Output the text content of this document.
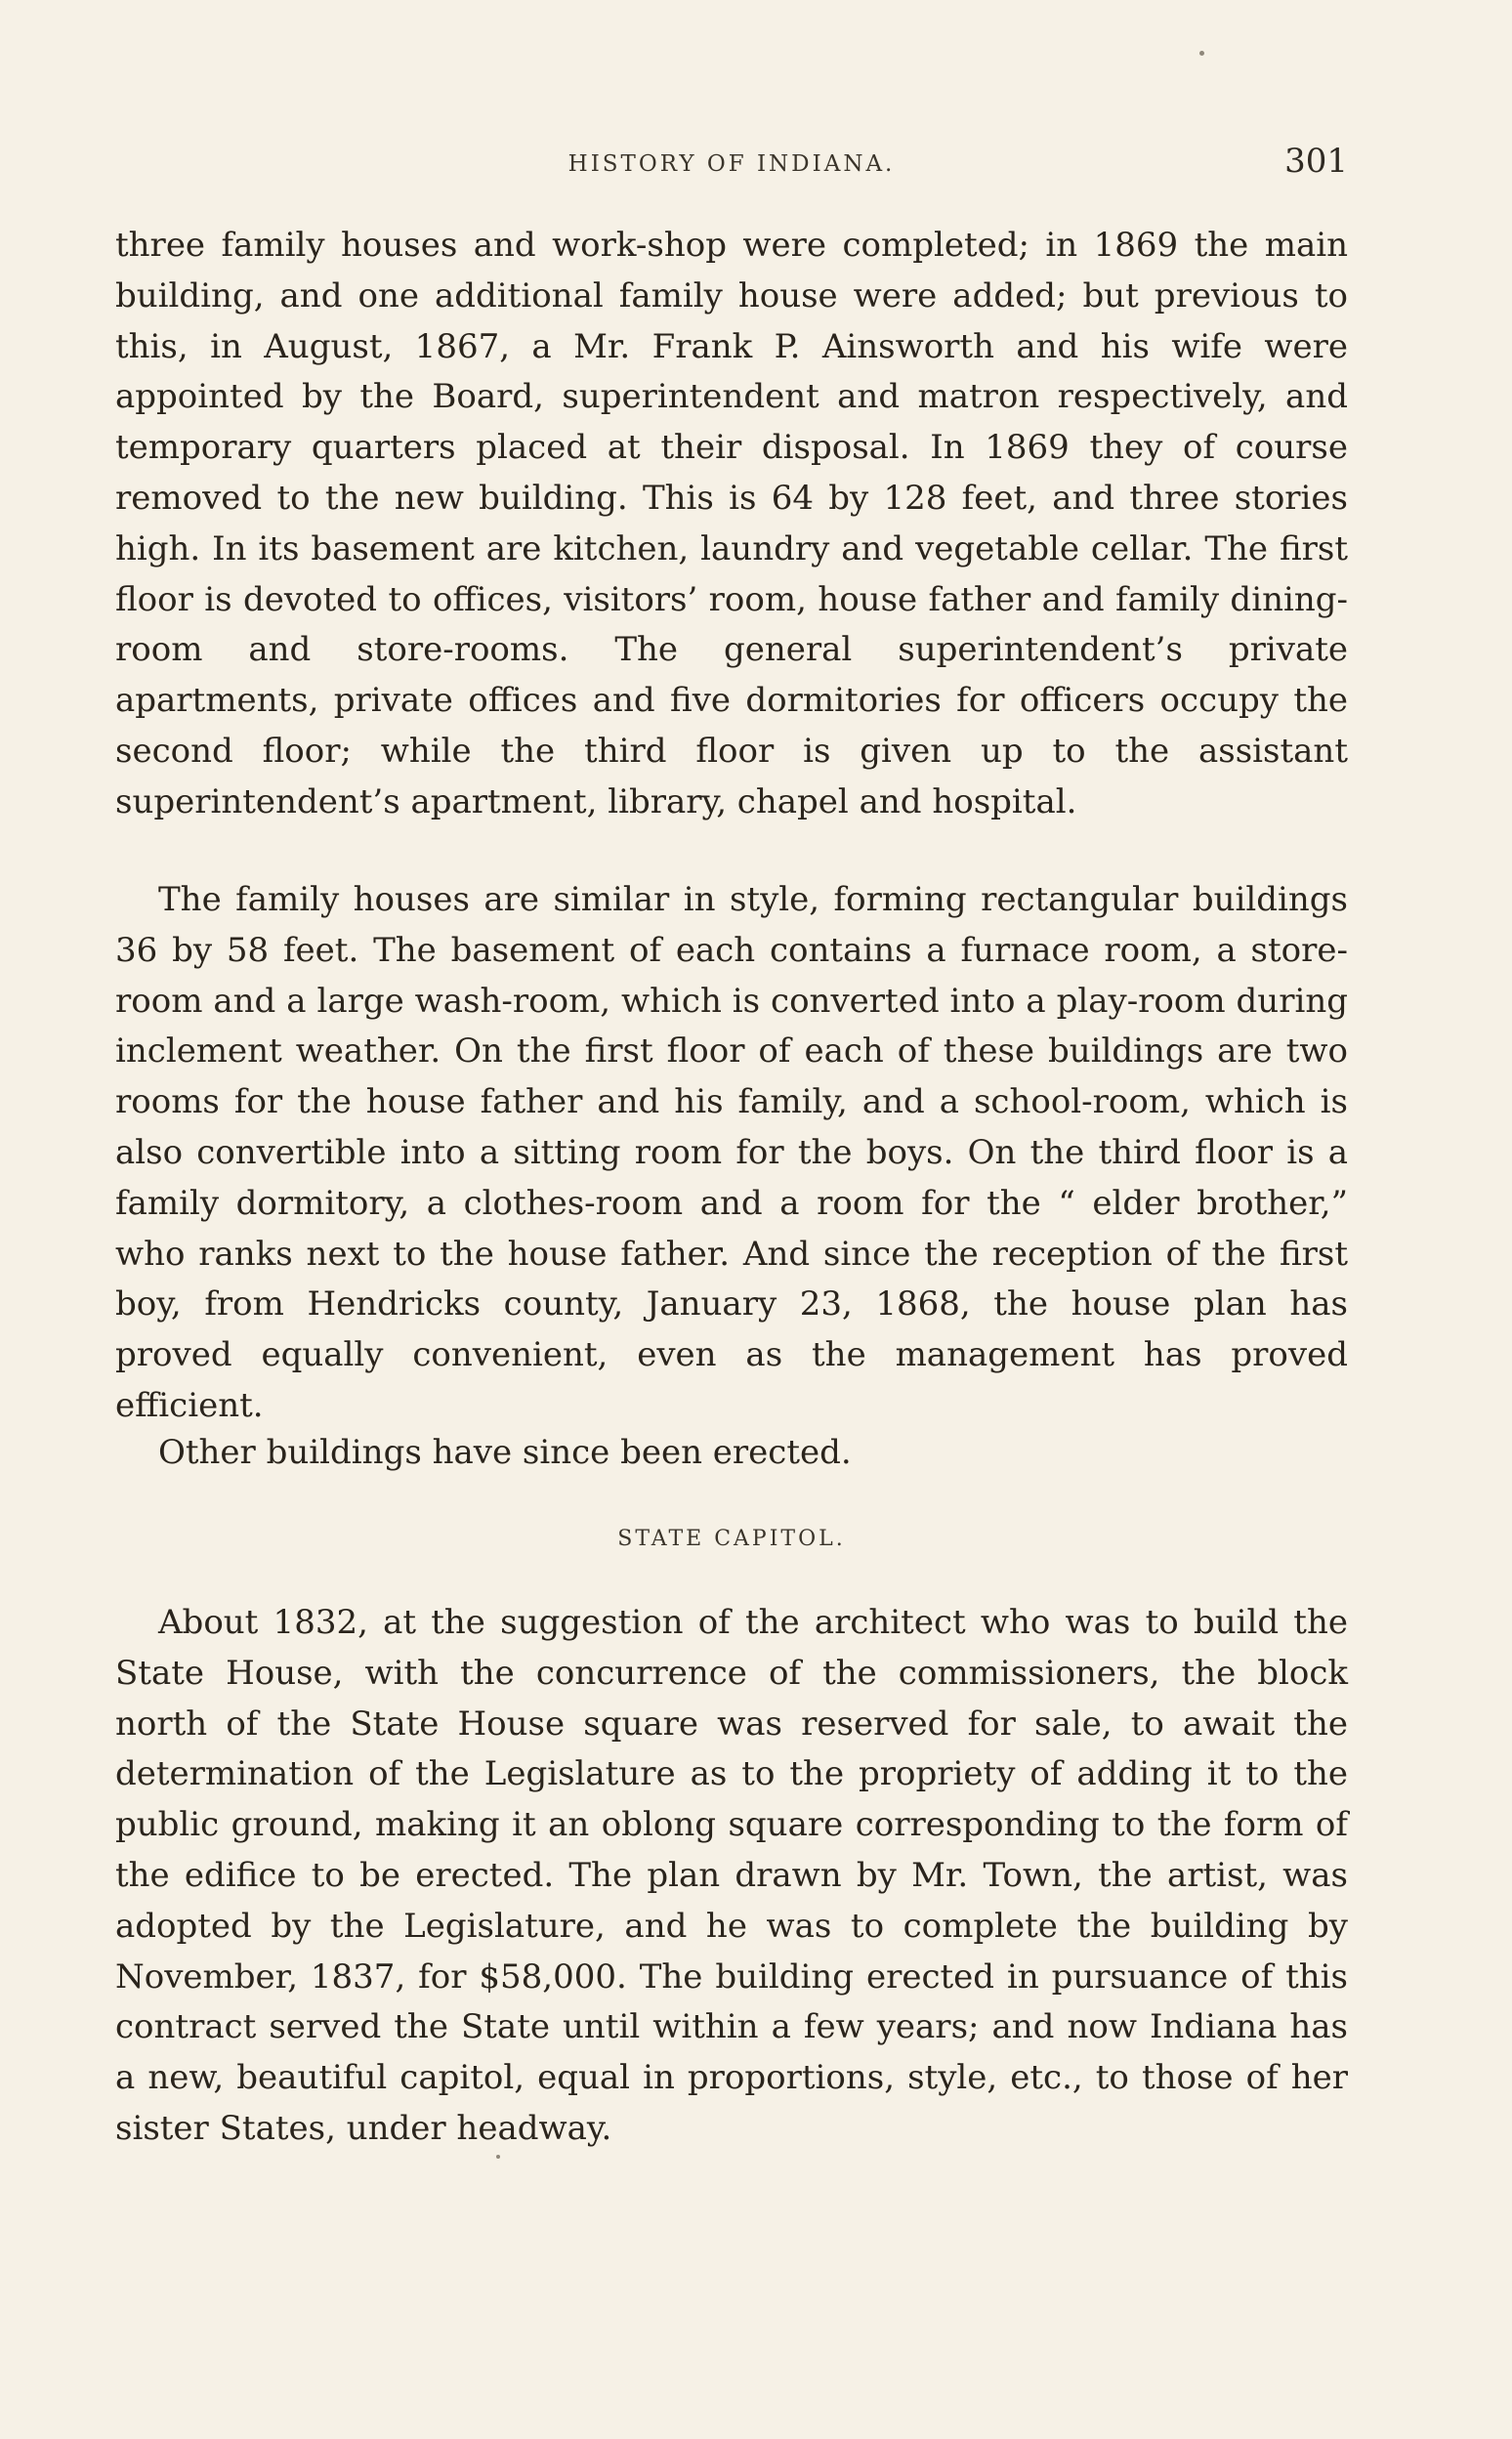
HISTORY OF INDIANA.	301

three family houses and work-shop were completed; in 1869 the main building, and one additional family house were added; but previous to this, in August, 1867, a Mr. Frank P. Ainsworth and his wife were appointed by the Board, superintendent and matron respectively, and temporary quarters placed at their disposal. In 1869 they of course removed to the new building. This is 64 by 128 feet, and three stories high. In its basement are kitchen, laundry and vegetable cellar. The first floor is devoted to offices, visitors’ room, house father and family dining-room and store-rooms. The general superintendent’s private apartments, private offices and five dormitories for officers occupy the second floor; while the third floor is given up to the assistant superintendent’s apartment, library, chapel and hospital.

The family houses are similar in style, forming rectangular buildings 36 by 58 feet. The basement of each contains a furnace room, a store-room and a large wash-room, which is converted into a play-room during inclement weather. On the first floor of each of these buildings are two rooms for the house father and his family, and a school-room, which is also convertible into a sitting room for the boys. On the third floor is a family dormitory, a clothes-room and a room for the “ elder brother,” who ranks next to the house father. And since the reception of the first boy, from Hendricks county, January 23, 1868, the house plan has proved equally convenient, even as the management has proved efficient.

Other buildings have since been erected.

STATE CAPITOL.

About 1832, at the suggestion of the architect who was to build the State House, with the concurrence of the commissioners, the block north of the State House square was reserved for sale, to await the determination of the Legislature as to the propriety of adding it to the public ground, making it an oblong square corresponding to the form of the edifice to be erected. The plan drawn by Mr. Town, the artist, was adopted by the Legislature, and he was to complete the building by November, 1837, for $58,000. The building erected in pursuance of this contract served the State until within a few years; and now Indiana has a new, beautiful capitol, equal in proportions, style, etc., to those of her sister States, under headway.
